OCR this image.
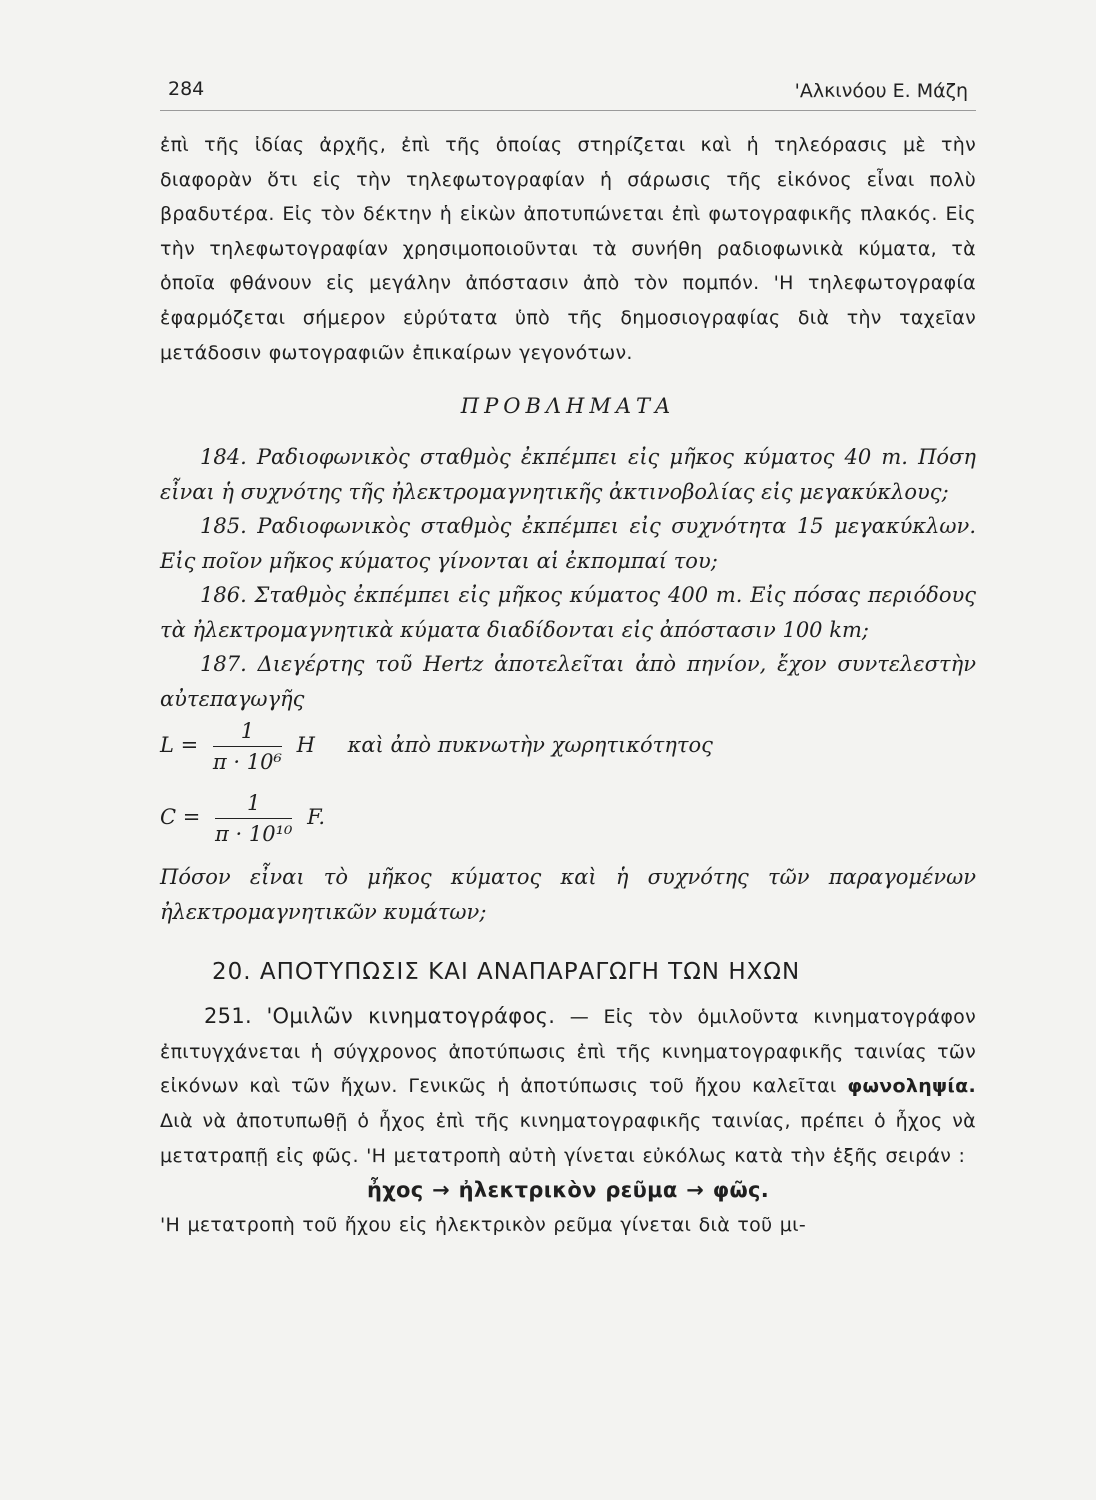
284	'Αλκινόου Ε. Μάζη

ἐπὶ τῆς ἰδίας ἀρχῆς, ἐπὶ τῆς ὁποίας στηρίζεται καὶ ἡ τηλεόρασις μὲ τὴν διαφορὰν ὅτι εἰς τὴν τηλεφωτογραφίαν ἡ σάρωσις τῆς εἰκόνος εἶναι πολὺ βραδυτέρα. Εἰς τὸν δέκτην ἡ εἰκὼν ἀποτυπώνεται ἐπὶ φωτογραφικῆς πλακός. Εἰς τὴν τηλεφωτογραφίαν χρησιμοποιοῦνται τὰ συνήθη ραδιοφωνικὰ κύματα, τὰ ὁποῖα φθάνουν εἰς μεγάλην ἀπόστασιν ἀπὸ τὸν πομπόν. 'Η τηλεφωτογραφία ἐφαρμόζεται σήμερον εὐρύτατα ὑπὸ τῆς δημοσιογραφίας διὰ τὴν ταχεῖαν μετάδοσιν φωτογραφιῶν ἐπικαίρων γεγονότων.

ΠΡΟΒΛΗΜΑΤΑ

184. Ραδιοφωνικὸς σταθμὸς ἐκπέμπει εἰς μῆκος κύματος 40 m. Πόση εἶναι ἡ συχνότης τῆς ἠλεκτρομαγνητικῆς ἀκτινοβολίας εἰς μεγακύκλους;

185. Ραδιοφωνικὸς σταθμὸς ἐκπέμπει εἰς συχνότητα 15 μεγακύκλων. Εἰς ποῖον μῆκος κύματος γίνονται αἱ ἐκπομπαί του;

186. Σταθμὸς ἐκπέμπει εἰς μῆκος κύματος 400 m. Εἰς πόσας περιόδους τὰ ἠλεκτρομαγνητικὰ κύματα διαδίδονται εἰς ἀπόστασιν 100 km;

187. Διεγέρτης τοῦ Hertz ἀποτελεῖται ἀπὸ πηνίον, ἔχον συντελεστὴν αὐτεπαγωγῆς

$L = \frac{1}{\text{π · 10⁶}}$ H καὶ ἀπὸ πυκνωτὴν χωρητικότητος
$C = \frac{1}{\text{π · 10¹⁰}} F$.

Πόσον εἶναι τὸ μῆκος κύματος καὶ ἡ συχνότης τῶν παραγομένων ἠλεκτρομαγνητικῶν κυμάτων;

20. ΑΠΟΤΥΠΩΣΙΣ ΚΑΙ ΑΝΑΠΑΡΑΓΩΓΗ ΤΩΝ ΗΧΩΝ

251. 'Ομιλῶν κινηματογράφος. — Εἰς τὸν ὁμιλοῦντα κινηματογράφον ἐπιτυγχάνεται ἡ σύγχρονος ἀποτύπωσις ἐπὶ τῆς κινηματογραφικῆς ταινίας τῶν εἰκόνων καὶ τῶν ἤχων. Γενικῶς ἡ ἀποτύπωσις τοῦ ἤχου καλεῖται φωνοληψία. Διὰ νὰ ἀποτυπωθῇ ὁ ἦχος ἐπὶ τῆς κινηματογραφικῆς ταινίας, πρέπει ὁ ἦχος νὰ μετατραπῇ εἰς φῶς. 'Η μετατροπὴ αὐτὴ γίνεται εὐκόλως κατὰ τὴν ἑξῆς σειράν :

ἦχος → ἠλεκτρικὸν ρεῦμα → φῶς.

'Η μετατροπὴ τοῦ ἤχου εἰς ἠλεκτρικὸν ρεῦμα γίνεται διὰ τοῦ μι-
